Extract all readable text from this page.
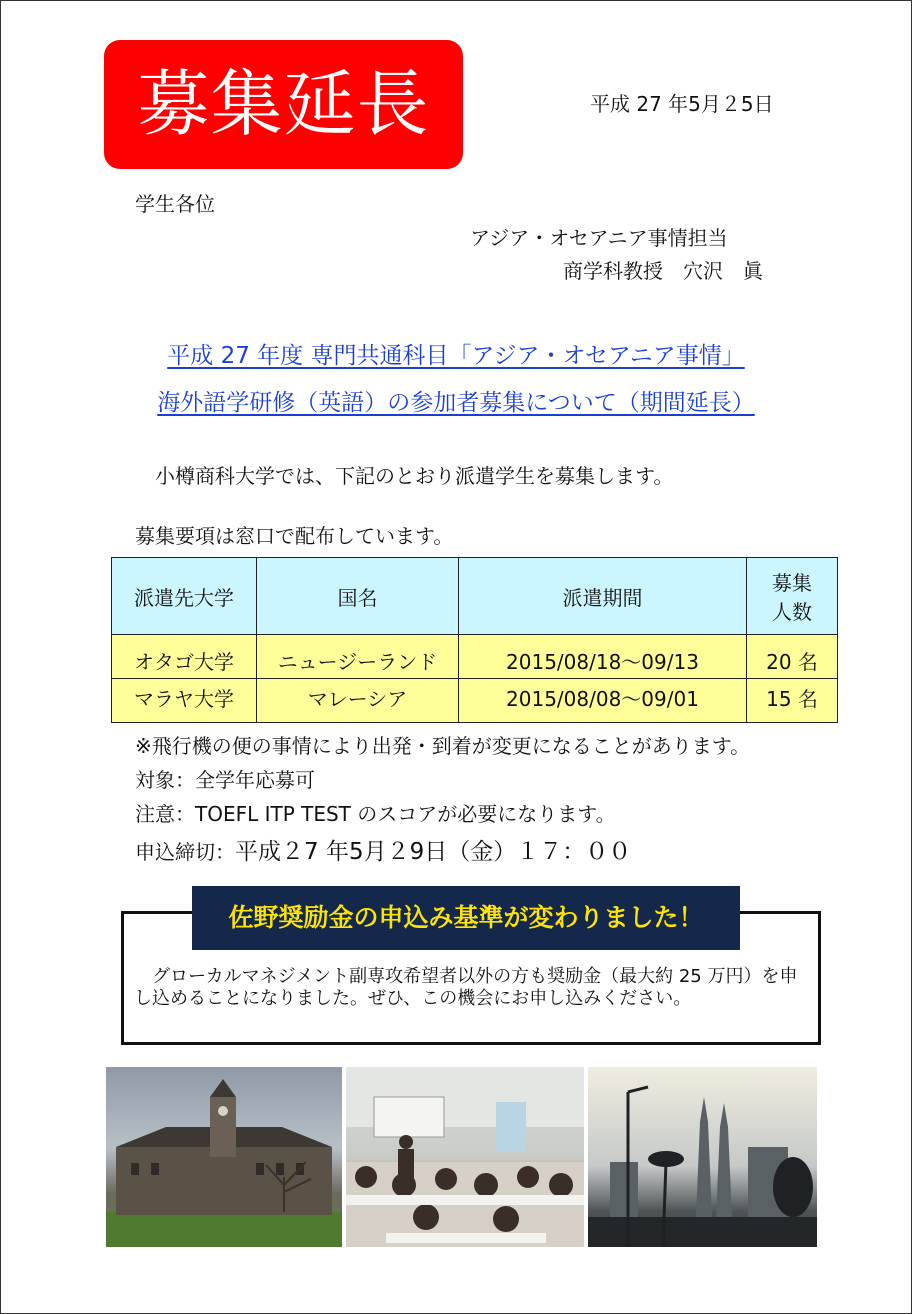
募集延長	平成 27 年5月２5日
学生各位
アジア・オセアニア事情担当
商学科教授　穴沢　眞
平成 27 年度 専門共通科目「アジア・オセアニア事情」
海外語学研修（英語）の参加者募集について（期間延長）
小樽商科大学では、下記のとおり派遣学生を募集します。
募集要項は窓口で配布しています。
派遣先大学	国名	派遣期間	募集
人数
オタゴ大学	ニュージーランド	2015/08/18～09/13	20 名
マラヤ大学	マレーシア	2015/08/08～09/01	15 名
※飛行機の便の事情により出発・到着が変更になることがあります。
対象：全学年応募可
注意：TOEFL ITP TEST のスコアが必要になります。
申込締切：平成２7 年5月２9日（金）１７：００
佐野奨励金の申込み基準が変わりました！
グローカルマネジメント副専攻希望者以外の方も奨励金（最大約 25 万円）を申し込めることになりました。ぜひ、この機会にお申し込みください。
